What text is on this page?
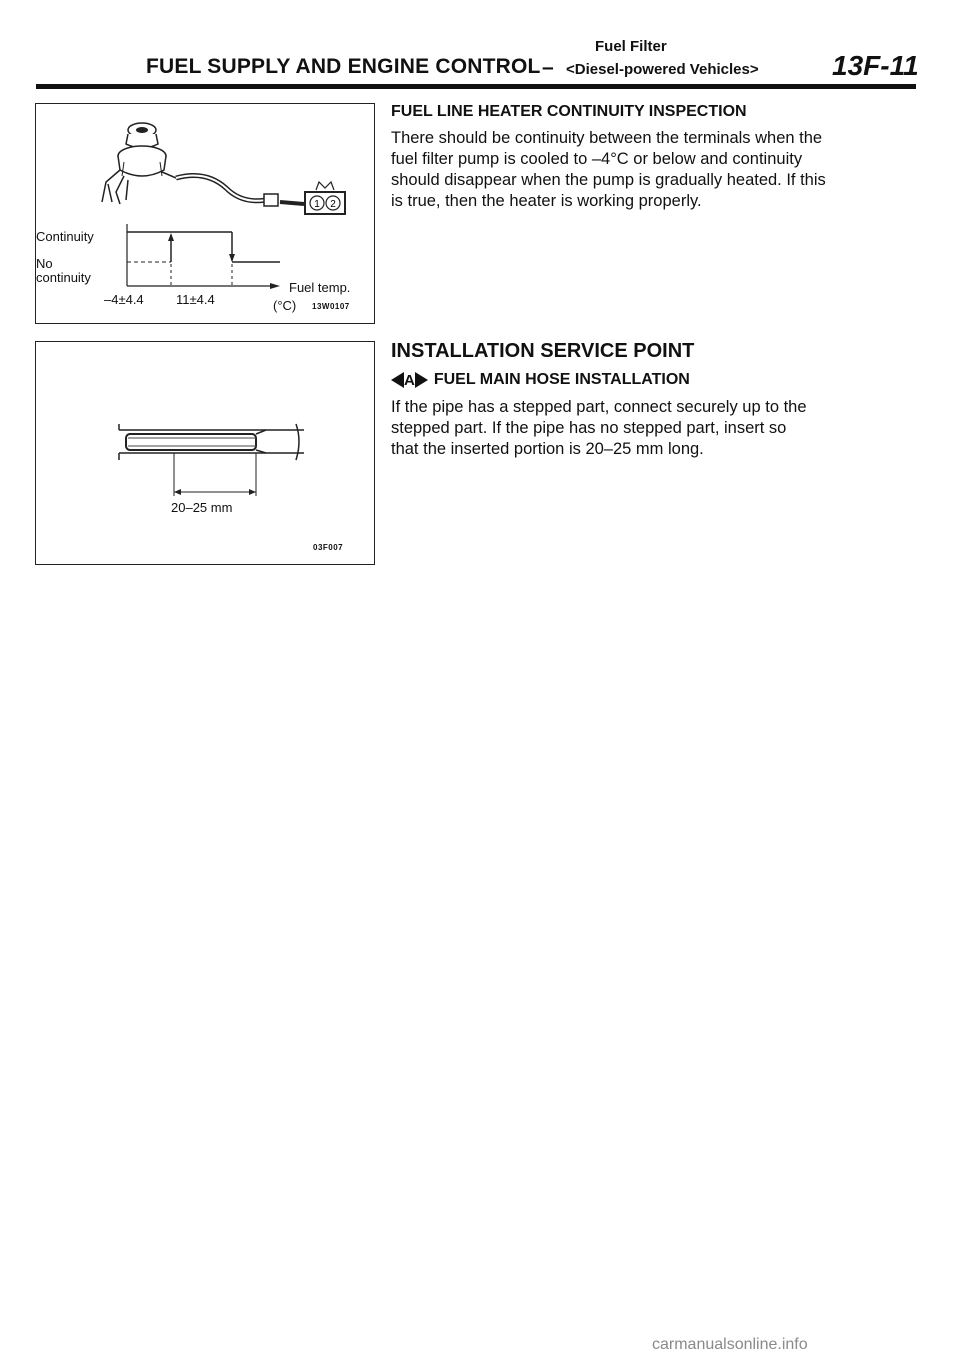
Fuel Filter
FUEL SUPPLY AND ENGINE CONTROL – <Diesel-powered Vehicles>	13F-11
1 2
Continuity
No
continuity
Fuel temp.
–4±4.4 11±4.4	(°C) 13W0107
20–25 mm
03F007
FUEL LINE HEATER CONTINUITY INSPECTION
There should be continuity between the terminals when the
fuel filter pump is cooled to –4°C or below and continuity
should disappear when the pump is gradually heated. If this
is true, then the heater is working properly.
INSTALLATION SERVICE POINT
A FUEL MAIN HOSE INSTALLATION
If the pipe has a stepped part, connect securely up to the
stepped part. If the pipe has no stepped part, insert so
that the inserted portion is 20–25 mm long.
carmanualsonline.info
